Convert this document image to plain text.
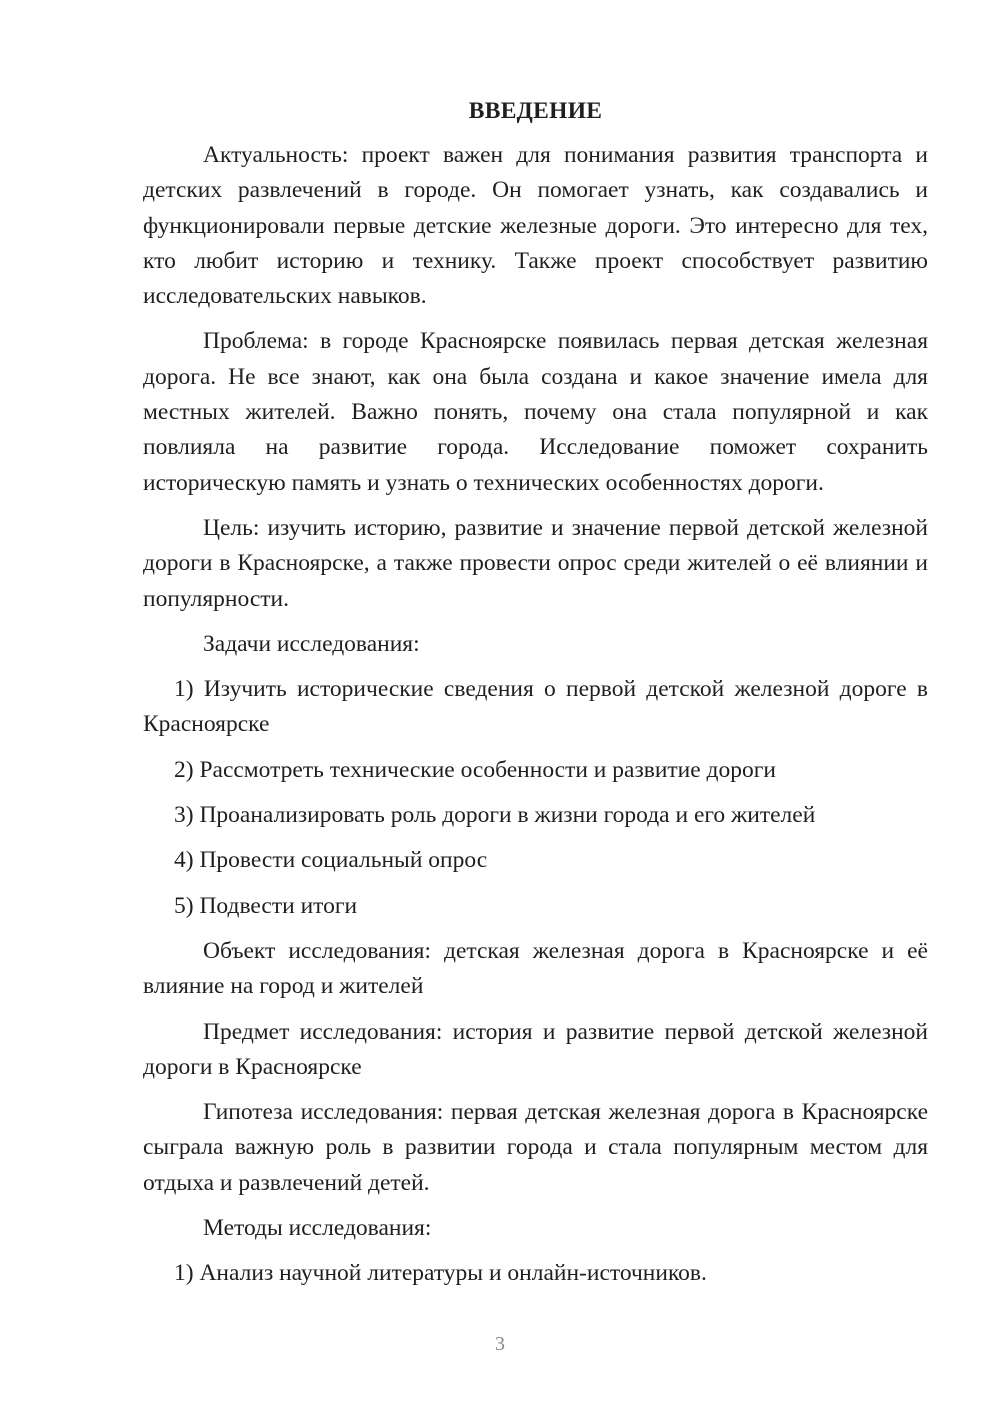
ВВЕДЕНИЕ

Актуальность: проект важен для понимания развития транспорта и детских развлечений в городе. Он помогает узнать, как создавались и функционировали первые детские железные дороги. Это интересно для тех, кто любит историю и технику. Также проект способствует развитию исследовательских навыков.

Проблема: в городе Красноярске появилась первая детская железная дорога. Не все знают, как она была создана и какое значение имела для местных жителей. Важно понять, почему она стала популярной и как повлияла на развитие города. Исследование поможет сохранить историческую память и узнать о технических особенностях дороги.

Цель: изучить историю, развитие и значение первой детской железной дороги в Красноярске, а также провести опрос среди жителей о её влиянии и популярности.

Задачи исследования:

1) Изучить исторические сведения о первой детской железной дороге в Красноярске

2) Рассмотреть технические особенности и развитие дороги

3) Проанализировать роль дороги в жизни города и его жителей

4) Провести социальный опрос

5) Подвести итоги

Объект исследования: детская железная дорога в Красноярске и её влияние на город и жителей

Предмет исследования: история и развитие первой детской железной дороги в Красноярске

Гипотеза исследования: первая детская железная дорога в Красноярске сыграла важную роль в развитии города и стала популярным местом для отдыха и развлечений детей.

Методы исследования:

1) Анализ научной литературы и онлайн-источников.

3
